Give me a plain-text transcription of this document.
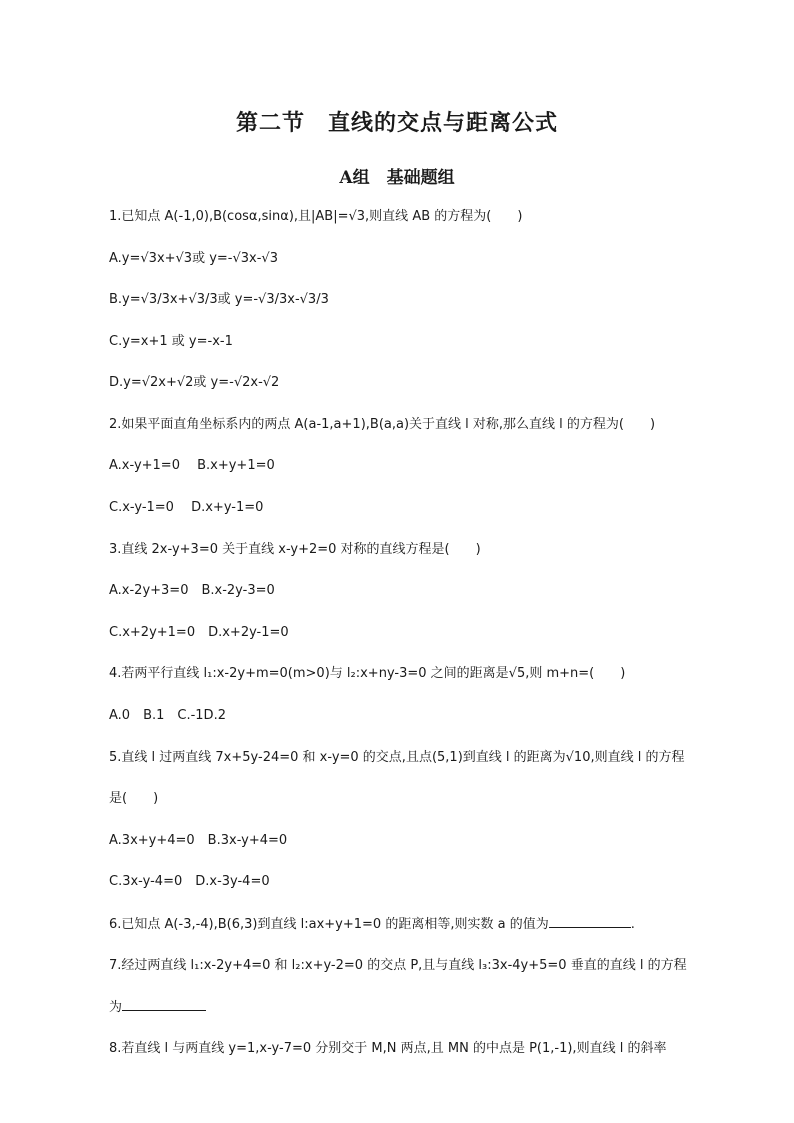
第二节　直线的交点与距离公式
A组　基础题组
1.已知点 A(-1,0),B(cosα,sinα),且|AB|=√3,则直线 AB 的方程为(　　)
A.y=√3x+√3或 y=-√3x-√3
B.y=√3/3x+√3/3或 y=-√3/3x-√3/3
C.y=x+1 或 y=-x-1
D.y=√2x+√2或 y=-√2x-√2
2.如果平面直角坐标系内的两点 A(a-1,a+1),B(a,a)关于直线 l 对称,那么直线 l 的方程为(　　)
A.x-y+1=0　 B.x+y+1=0
C.x-y-1=0　 D.x+y-1=0
3.直线 2x-y+3=0 关于直线 x-y+2=0 对称的直线方程是(　　)
A.x-2y+3=0　B.x-2y-3=0
C.x+2y+1=0　D.x+2y-1=0
4.若两平行直线 l₁:x-2y+m=0(m>0)与 l₂:x+ny-3=0 之间的距离是√5,则 m+n=(　　)
A.0　B.1　C.-1D.2
5.直线 l 过两直线 7x+5y-24=0 和 x-y=0 的交点,且点(5,1)到直线 l 的距离为√10,则直线 l 的方程
是(　　)
A.3x+y+4=0　B.3x-y+4=0
C.3x-y-4=0　D.x-3y-4=0
6.已知点 A(-3,-4),B(6,3)到直线 l:ax+y+1=0 的距离相等,则实数 a 的值为	.
7.经过两直线 l₁:x-2y+4=0 和 l₂:x+y-2=0 的交点 P,且与直线 l₃:3x-4y+5=0 垂直的直线 l 的方程
为
8.若直线 l 与两直线 y=1,x-y-7=0 分别交于 M,N 两点,且 MN 的中点是 P(1,-1),则直线 l 的斜率
